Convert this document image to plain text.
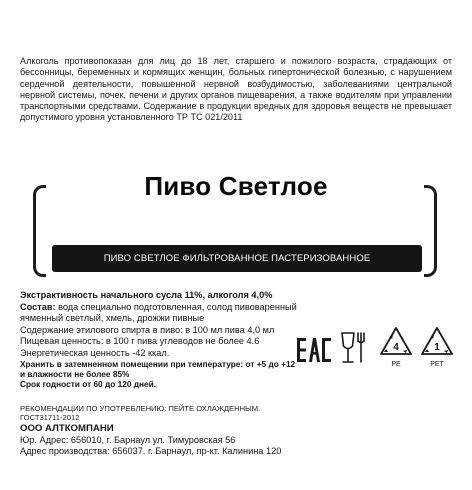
Алкоголь противопоказан для лиц до 18 лет, старшего и пожилого возраста, страдающих от бессонницы, беременных и кормящих женщин, больных гипертонической болезнью, с нарушением сердечной деятельности, повышенной нервной возбудимостью, заболеваниями центральной нервной системы, почек, печени и других органов пищеварения, а также водителям при управлении транспортными средствами. Содержание в продукции вредных для здоровья веществ не превышает допустимого уровня установленного ТР ТС 021/2011
Пиво Светлое
ПИВО СВЕТЛОЕ ФИЛЬТРОВАННОЕ ПАСТЕРИЗОВАННОЕ
Экстрактивность начального сусла 11%, алкоголя 4,0%
Состав: вода специально подготовленная, солод пивоваренный ячменный светлый, хмель, дрожжи пивные
Содержание этилового спирта в пиво: в 100 мл пива 4,0 мл
Пищевая ценность: в 100 г пива углеводов не более 4.6
Энергетическая ценность -42 ккал.
Хранить в затемненном помещении при температуре: от +5 до +12 и влажности не более 85%
Срок годности от 60 до 120 дней.
4
PE
1
PET
РЕКОМЕНДАЦИИ ПО УПОТРЕБЛЕНИЮ: ПЕЙТЕ ОХЛАЖДЕННЫМ.
ГОСТ31711-2012
ООО АЛТКОМПАНИ
Юр. Адрес: 656010, г. Барнаул ул. Тимуровская 56
Адрес производства: 656037. г. Барнаул, пр-кт. Калинина 120
